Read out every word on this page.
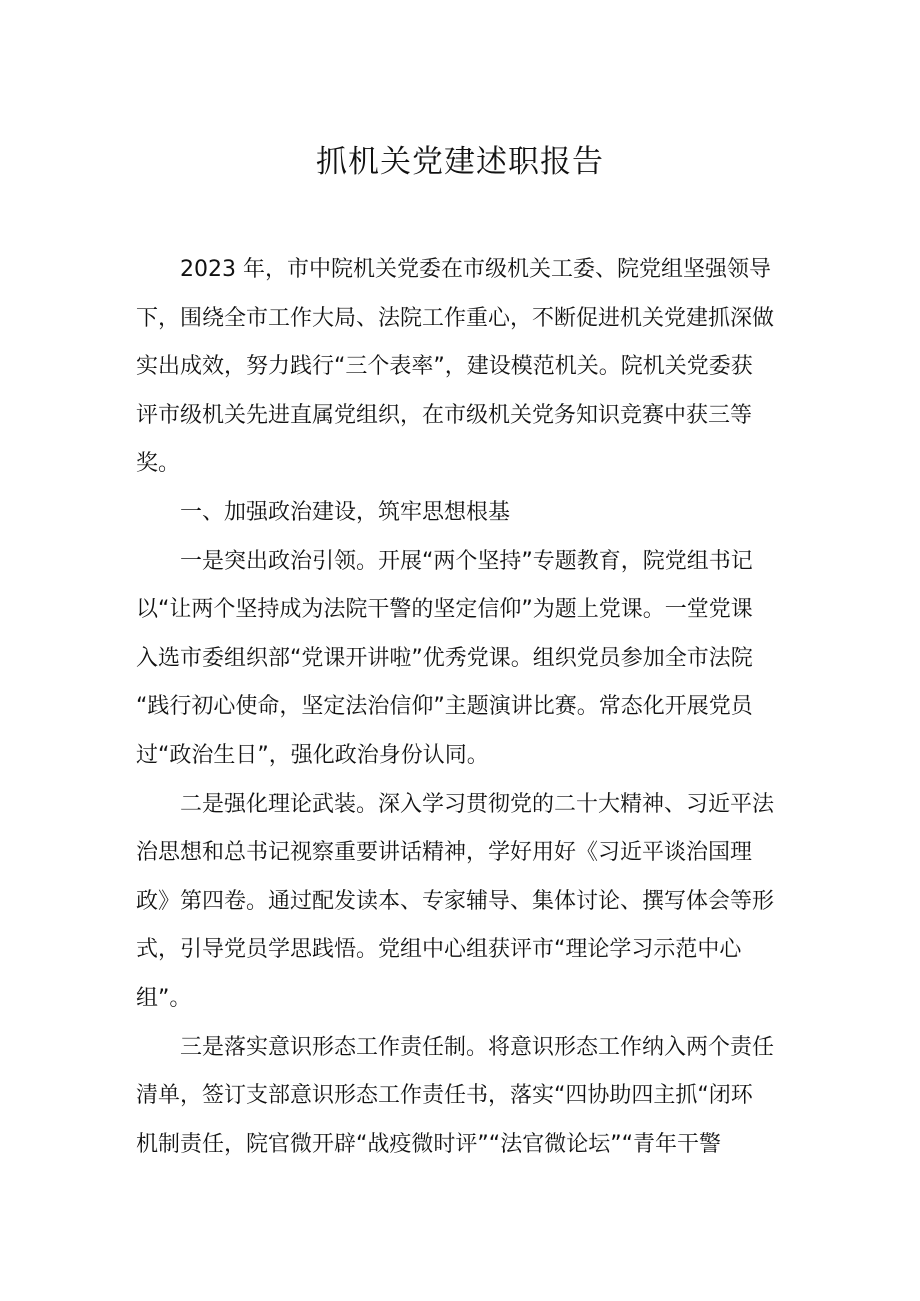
抓机关党建述职报告

2023 年，市中院机关党委在市级机关工委、院党组坚强领导
下，围绕全市工作大局、法院工作重心，不断促进机关党建抓深做
实出成效，努力践行“三个表率”，建设模范机关。院机关党委获
评市级机关先进直属党组织，在市级机关党务知识竞赛中获三等
奖。

一、加强政治建设，筑牢思想根基

一是突出政治引领。开展“两个坚持”专题教育，院党组书记
以“让两个坚持成为法院干警的坚定信仰”为题上党课。一堂党课
入选市委组织部“党课开讲啦”优秀党课。组织党员参加全市法院
“践行初心使命，坚定法治信仰”主题演讲比赛。常态化开展党员
过“政治生日”，强化政治身份认同。

二是强化理论武装。深入学习贯彻党的二十大精神、习近平法
治思想和总书记视察重要讲话精神，学好用好《习近平谈治国理
政》第四卷。通过配发读本、专家辅导、集体讨论、撰写体会等形
式，引导党员学思践悟。党组中心组获评市“理论学习示范中心
组”。

三是落实意识形态工作责任制。将意识形态工作纳入两个责任
清单，签订支部意识形态工作责任书，落实“四协助四主抓“闭环
机制责任，院官微开辟“战疫微时评”“法官微论坛”“青年干警
